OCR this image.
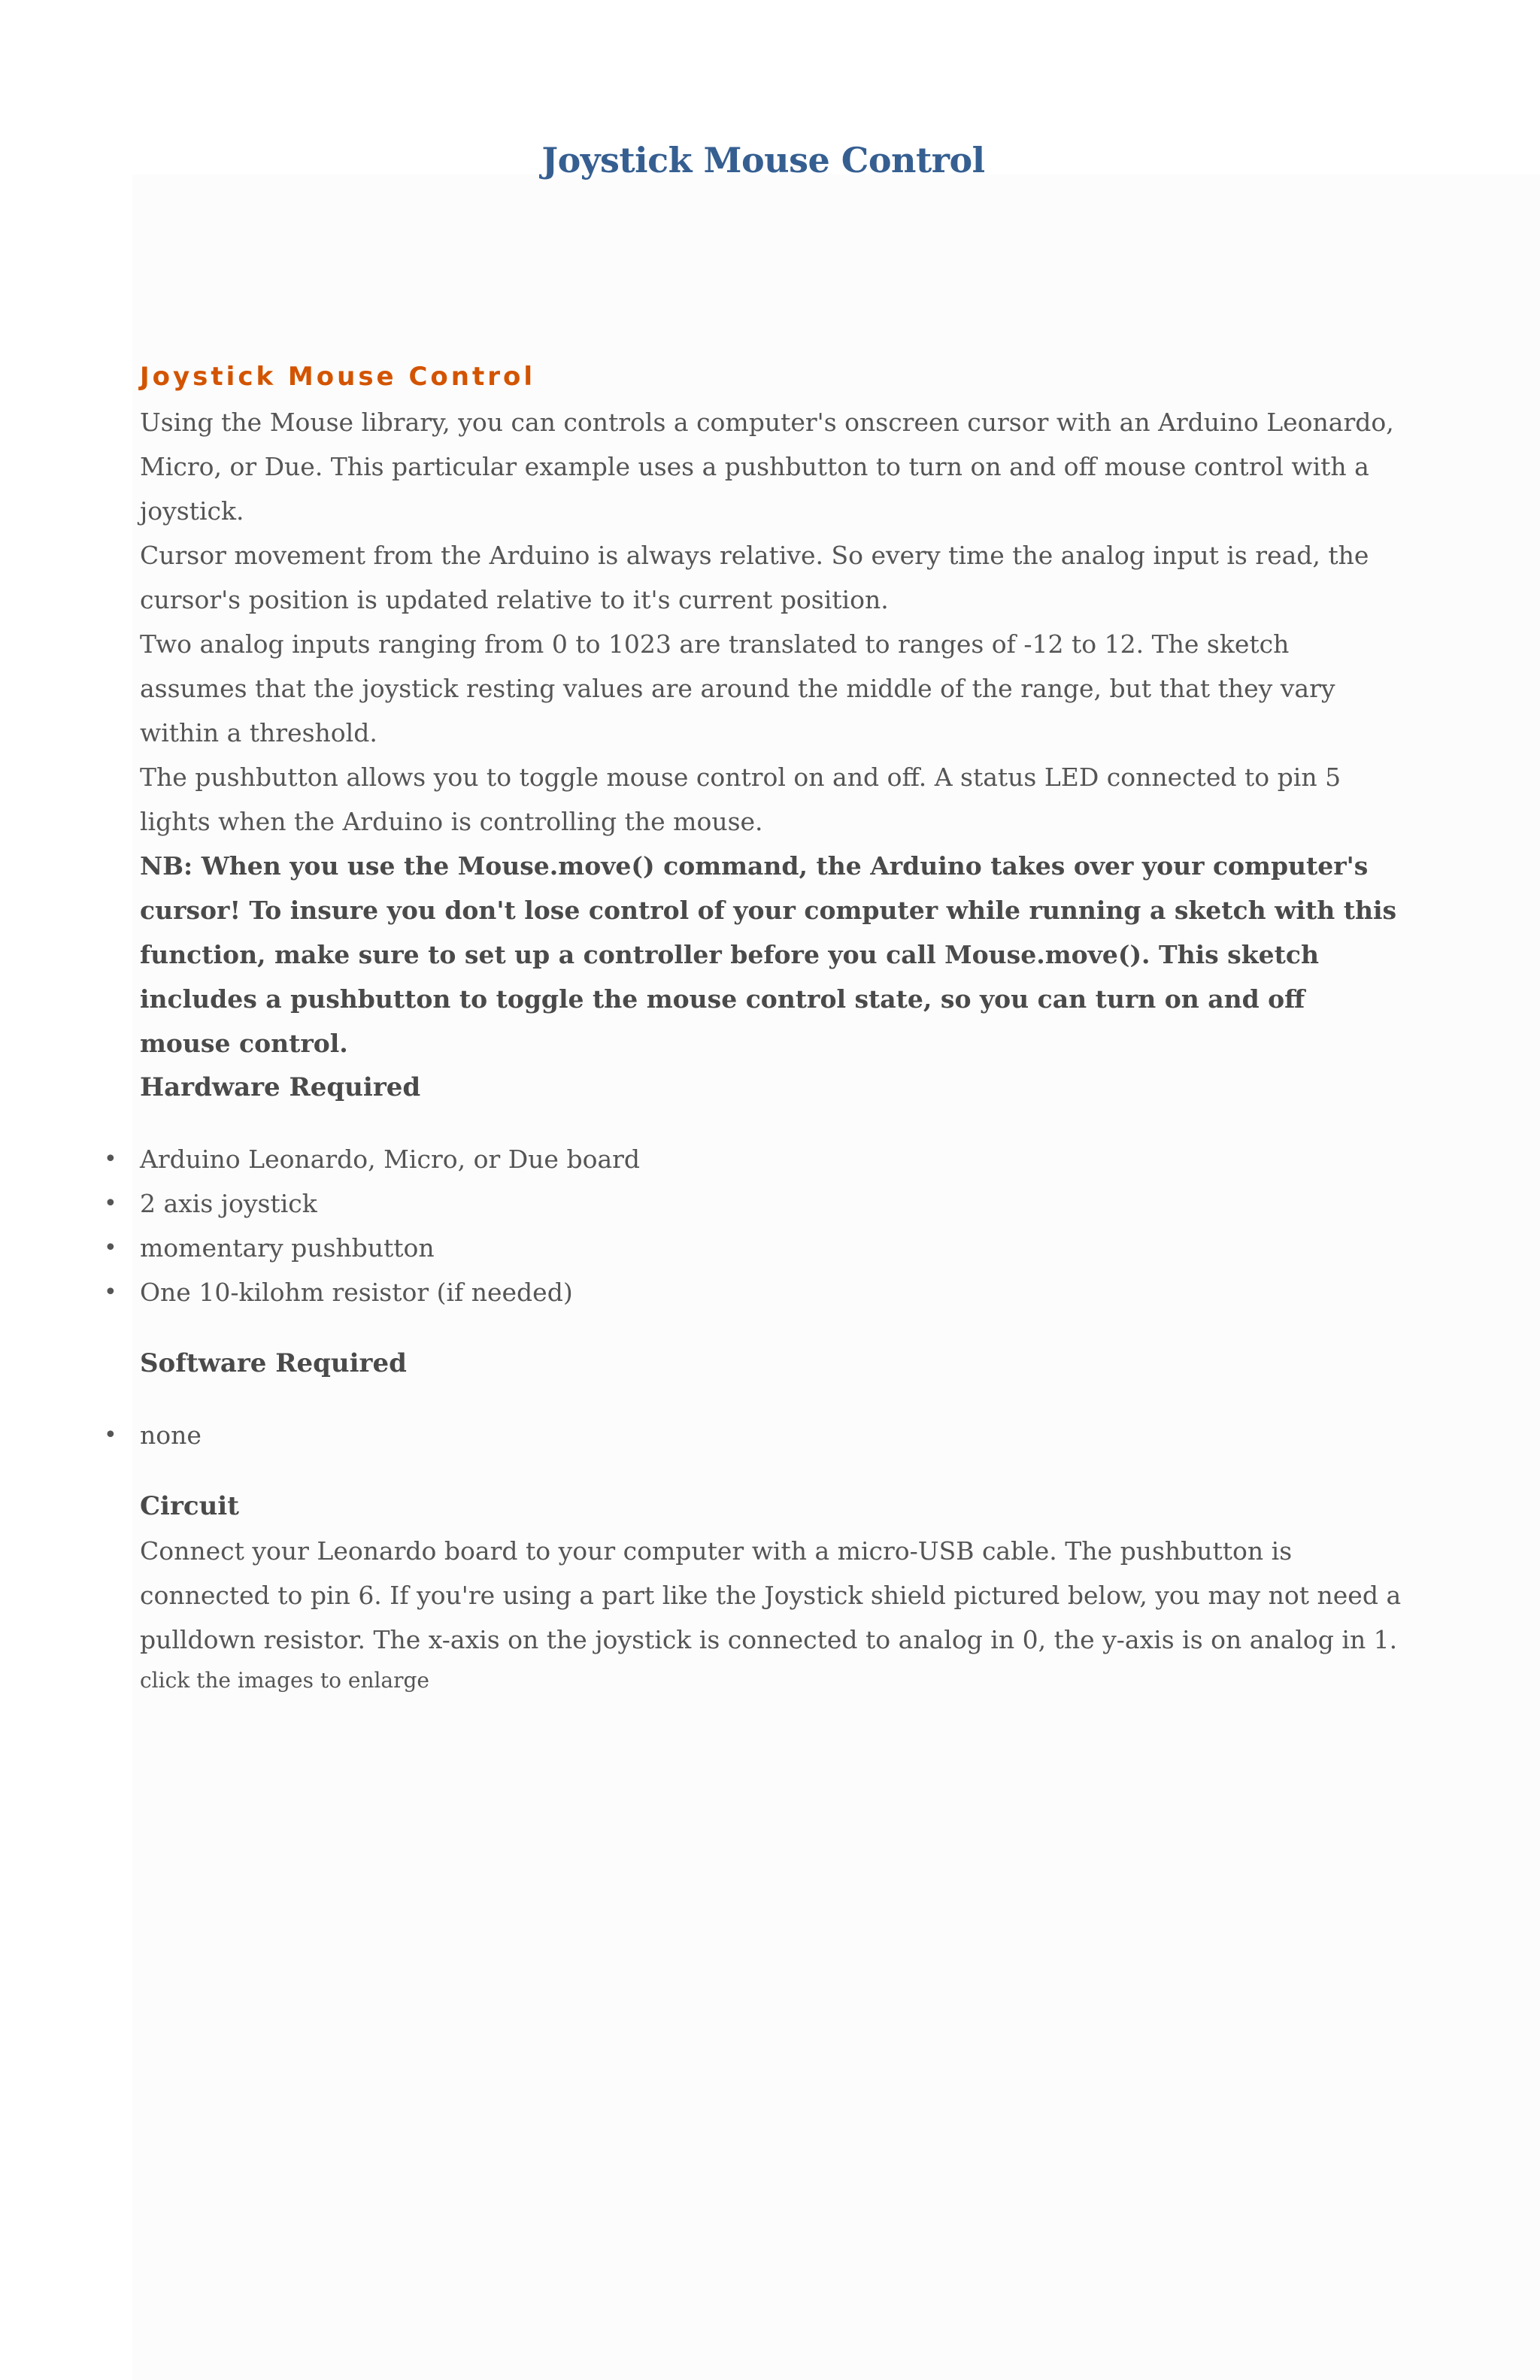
Joystick Mouse Control
Joystick Mouse Control

Using the Mouse library, you can controls a computer's onscreen cursor with an Arduino Leonardo, Micro, or Due. This particular example uses a pushbutton to turn on and off mouse control with a joystick.

Cursor movement from the Arduino is always relative. So every time the analog input is read, the cursor's position is updated relative to it's current position.

Two analog inputs ranging from 0 to 1023 are translated to ranges of -12 to 12. The sketch assumes that the joystick resting values are around the middle of the range, but that they vary within a threshold.

The pushbutton allows you to toggle mouse control on and off. A status LED connected to pin 5 lights when the Arduino is controlling the mouse.

NB: When you use the Mouse.move() command, the Arduino takes over your computer's cursor! To insure you don't lose control of your computer while running a sketch with this function, make sure to set up a controller before you call Mouse.move(). This sketch includes a pushbutton to toggle the mouse control state, so you can turn on and off mouse control.

Hardware Required
• Arduino Leonardo, Micro, or Due board
• 2 axis joystick
• momentary pushbutton
• One 10-kilohm resistor (if needed)
Software Required
• none
Circuit

Connect your Leonardo board to your computer with a micro-USB cable. The pushbutton is connected to pin 6. If you're using a part like the Joystick shield pictured below, you may not need a pulldown resistor. The x-axis on the joystick is connected to analog in 0, the y-axis is on analog in 1.

click the images to enlarge
